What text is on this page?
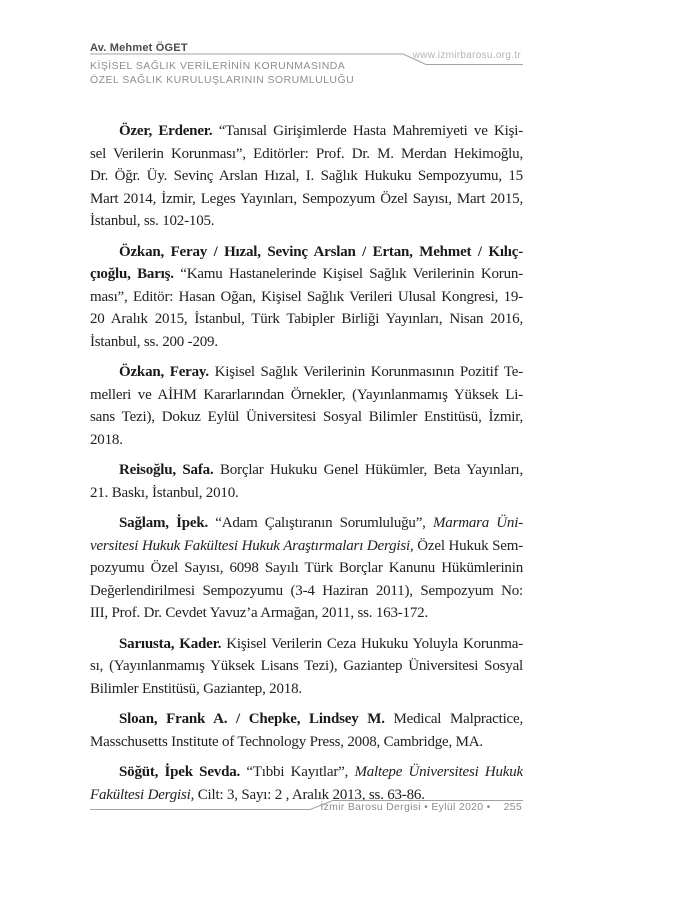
Av. Mehmet ÖGET
www.izmirbarosu.org.tr
KİŞİSEL SAĞLIK VERİLERİNİN KORUNMASINDA
ÖZEL SAĞLIK KURULUŞLARININ SORUMLULUĞU
Özer, Erdener. “Tanısal Girişimlerde Hasta Mahremiyeti ve Kişi-
sel Verilerin Korunması”, Editörler: Prof. Dr. M. Merdan Hekimoğlu,
Dr. Öğr. Üy. Sevinç Arslan Hızal, I. Sağlık Hukuku Sempozyumu, 15
Mart 2014, İzmir, Leges Yayınları, Sempozyum Özel Sayısı, Mart 2015,
İstanbul, ss. 102-105.
Özkan, Feray / Hızal, Sevinç Arslan / Ertan, Mehmet / Kılıç-
çıoğlu, Barış. “Kamu Hastanelerinde Kişisel Sağlık Verilerinin Korun-
ması”, Editör: Hasan Oğan, Kişisel Sağlık Verileri Ulusal Kongresi, 19-
20 Aralık 2015, İstanbul, Türk Tabipler Birliği Yayınları, Nisan 2016,
İstanbul, ss. 200 -209.
Özkan, Feray. Kişisel Sağlık Verilerinin Korunmasının Pozitif Te-
melleri ve AİHM Kararlarından Örnekler, (Yayınlanmamış Yüksek Li-
sans Tezi), Dokuz Eylül Üniversitesi Sosyal Bilimler Enstitüsü, İzmir,
2018.
Reisoğlu, Safa. Borçlar Hukuku Genel Hükümler, Beta Yayınları,
21. Baskı, İstanbul, 2010.
Sağlam, İpek. “Adam Çalıştıranın Sorumluluğu”, Marmara Üni-
versitesi Hukuk Fakültesi Hukuk Araştırmaları Dergisi, Özel Hukuk Sem-
pozyumu Özel Sayısı, 6098 Sayılı Türk Borçlar Kanunu Hükümlerinin
Değerlendirilmesi Sempozyumu (3-4 Haziran 2011), Sempozyum No:
III, Prof. Dr. Cevdet Yavuz’a Armağan, 2011, ss. 163-172.
Sarıusta, Kader. Kişisel Verilerin Ceza Hukuku Yoluyla Korunma-
sı, (Yayınlanmamış Yüksek Lisans Tezi), Gaziantep Üniversitesi Sosyal
Bilimler Enstitüsü, Gaziantep, 2018.
Sloan, Frank A. / Chepke, Lindsey M. Medical Malpractice,
Masschusetts Institute of Technology Press, 2008, Cambridge, MA.
Söğüt, İpek Sevda. “Tıbbi Kayıtlar”, Maltepe Üniversitesi Hukuk
Fakültesi Dergisi, Cilt: 3, Sayı: 2 , Aralık 2013, ss. 63-86.
İzmir Barosu Dergisi • Eylül 2020 • 255
